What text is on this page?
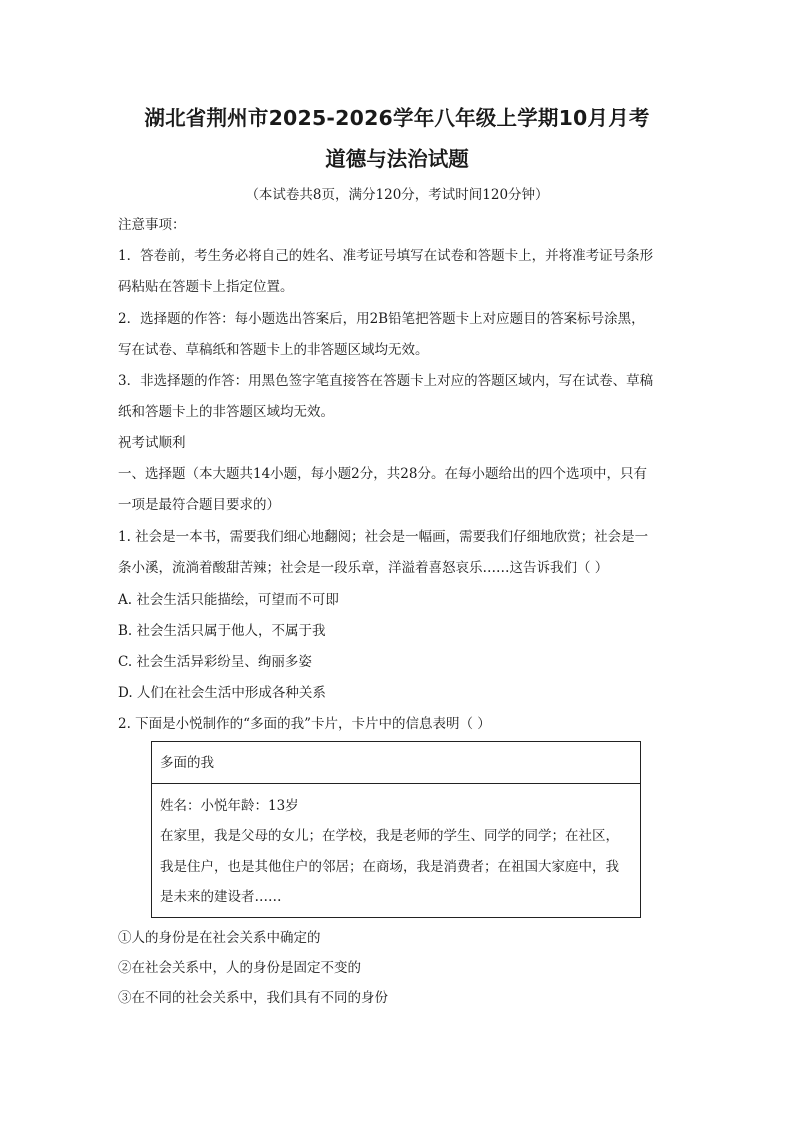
湖北省荆州市2025-2026学年八年级上学期10月月考
道德与法治试题
（本试卷共8页，满分120分，考试时间120分钟）
注意事项：
1．答卷前，考生务必将自己的姓名、准考证号填写在试卷和答题卡上，并将准考证号条形
码粘贴在答题卡上指定位置。
2．选择题的作答：每小题选出答案后，用2B铅笔把答题卡上对应题目的答案标号涂黑，
写在试卷、草稿纸和答题卡上的非答题区域均无效。
3．非选择题的作答：用黑色签字笔直接答在答题卡上对应的答题区域内，写在试卷、草稿
纸和答题卡上的非答题区域均无效。
祝考试顺利
一、选择题（本大题共14小题，每小题2分，共28分。在每小题给出的四个选项中，只有
一项是最符合题目要求的）
1. 社会是一本书，需要我们细心地翻阅；社会是一幅画，需要我们仔细地欣赏；社会是一
条小溪，流淌着酸甜苦辣；社会是一段乐章，洋溢着喜怒哀乐……这告诉我们（ ）
A. 社会生活只能描绘，可望而不可即
B. 社会生活只属于他人，不属于我
C. 社会生活异彩纷呈、绚丽多姿
D. 人们在社会生活中形成各种关系
2. 下面是小悦制作的“多面的我”卡片，卡片中的信息表明（ ）
多面的我
姓名：小悦年龄：13岁
在家里，我是父母的女儿；在学校，我是老师的学生、同学的同学；在社区，
我是住户，也是其他住户的邻居；在商场，我是消费者；在祖国大家庭中，我
是未来的建设者……
①人的身份是在社会关系中确定的
②在社会关系中，人的身份是固定不变的
③在不同的社会关系中，我们具有不同的身份
